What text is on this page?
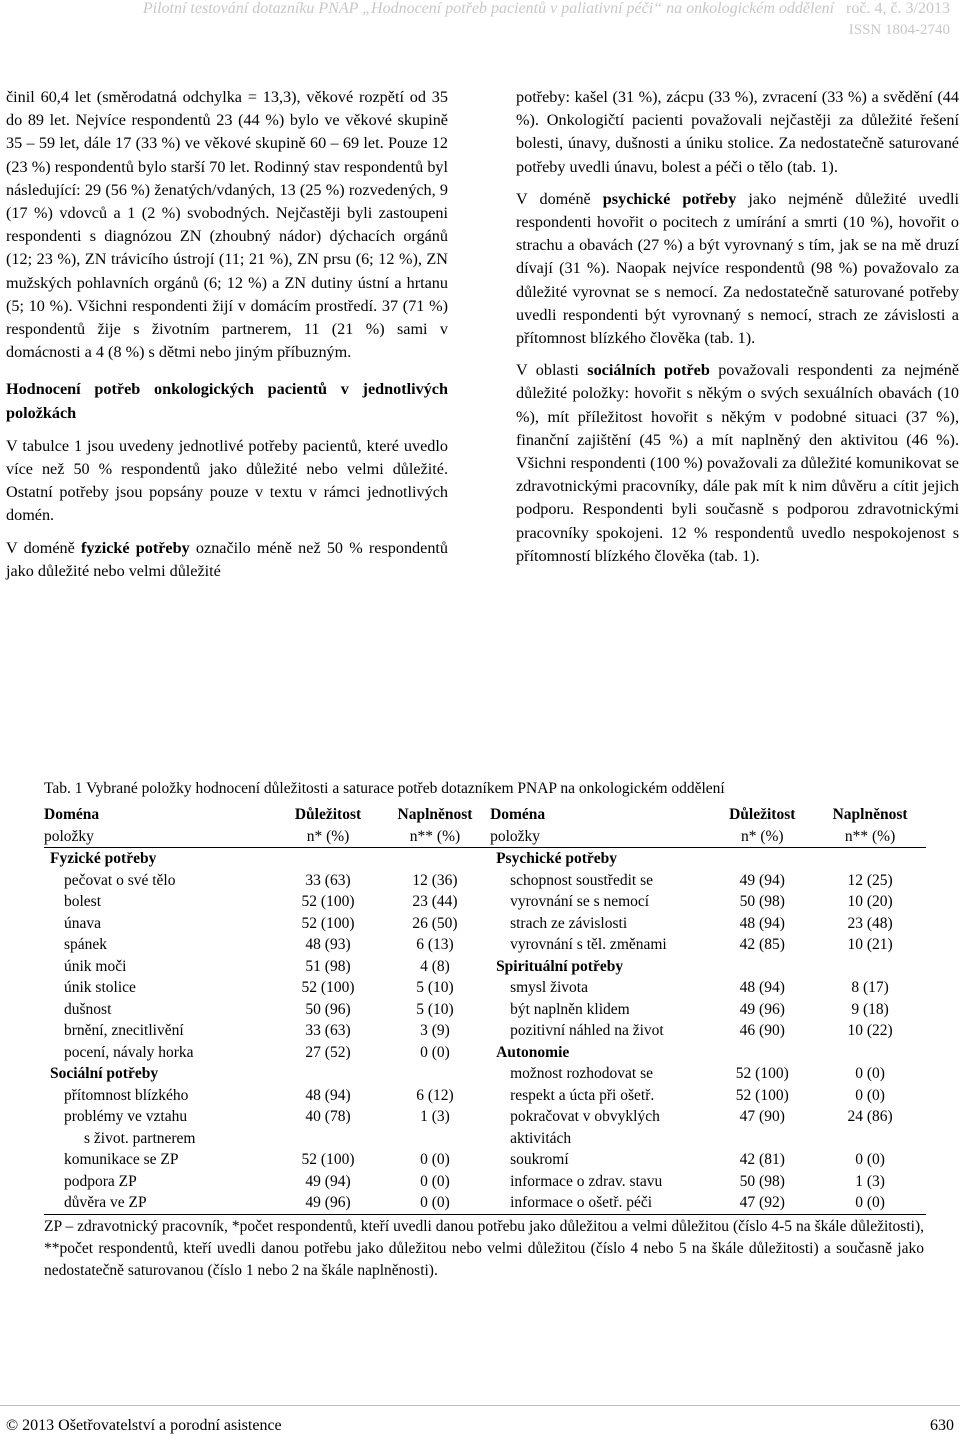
Pilotní testování dotazníku PNAP „Hodnocení potřeb pacientů v paliativní péči“ na onkologickém oddělení roč. 4, č. 3/2013
ISSN 1804-2740

činil 60,4 let (směrodatná odchylka = 13,3), věkové rozpětí od 35 do 89 let. Nejvíce respondentů 23 (44 %) bylo ve věkové skupině 35 – 59 let, dále 17 (33 %) ve věkové skupině 60 – 69 let. Pouze 12 (23 %) respondentů bylo starší 70 let. Rodinný stav respondentů byl následující: 29 (56 %) ženatých/vdaných, 13 (25 %) rozvedených, 9 (17 %) vdovců a 1 (2 %) svobodných. Nejčastěji byli zastoupeni respondenti s diagnózou ZN (zhoubný nádor) dýchacích orgánů (12; 23 %), ZN trávicího ústrojí (11; 21 %), ZN prsu (6; 12 %), ZN mužských pohlavních orgánů (6; 12 %) a ZN dutiny ústní a hrtanu (5; 10 %). Všichni respondenti žijí v domácím prostředí. 37 (71 %) respondentů žije s životním partnerem, 11 (21 %) sami v domácnosti a 4 (8 %) s dětmi nebo jiným příbuzným.

Hodnocení potřeb onkologických pacientů v jednotlivých položkách

V tabulce 1 jsou uvedeny jednotlivé potřeby pacientů, které uvedlo více než 50 % respondentů jako důležité nebo velmi důležité. Ostatní potřeby jsou popsány pouze v textu v rámci jednotlivých domén.

V doméně fyzické potřeby označilo méně než 50 % respondentů jako důležité nebo velmi důležité

potřeby: kašel (31 %), zácpu (33 %), zvracení (33 %) a svědění (44 %). Onkologičtí pacienti považovali nejčastěji za důležité řešení bolesti, únavy, dušnosti a úniku stolice. Za nedostatečně saturované potřeby uvedli únavu, bolest a péči o tělo (tab. 1).

V doméně psychické potřeby jako nejméně důležité uvedli respondenti hovořit o pocitech z umírání a smrti (10 %), hovořit o strachu a obavách (27 %) a být vyrovnaný s tím, jak se na mě druzí dívají (31 %). Naopak nejvíce respondentů (98 %) považovalo za důležité vyrovnat se s nemocí. Za nedostatečně saturované potřeby uvedli respondenti být vyrovnaný s nemocí, strach ze závislosti a přítomnost blízkého člověka (tab. 1).

V oblasti sociálních potřeb považovali respondenti za nejméně důležité položky: hovořit s někým o svých sexuálních obavách (10 %), mít příležitost hovořit s někým v podobné situaci (37 %), finanční zajištění (45 %) a mít naplněný den aktivitou (46 %). Všichni respondenti (100 %) považovali za důležité komunikovat se zdravotnickými pracovníky, dále pak mít k nim důvěru a cítit jejich podporu. Respondenti byli současně s podporou zdravotnickými pracovníky spokojeni. 12 % respondentů uvedlo nespokojenost s přítomností blízkého člověka (tab. 1).

Tab. 1 Vybrané položky hodnocení důležitosti a saturace potřeb dotazníkem PNAP na onkologickém oddělení
Doména	Důležitost	Naplněnost	Doména	Důležitost	Naplněnost
položky	n* (%)	n** (%)	položky	n* (%)	n** (%)
Fyzické potřeby			Psychické potřeby		
pečovat o své tělo	33 (63)	12 (36)	schopnost soustředit se	49 (94)	12 (25)
bolest	52 (100)	23 (44)	vyrovnání se s nemocí	50 (98)	10 (20)
únava	52 (100)	26 (50)	strach ze závislosti	48 (94)	23 (48)
spánek	48 (93)	6 (13)	vyrovnání s těl. změnami	42 (85)	10 (21)
únik moči	51 (98)	4 (8)	Spirituální potřeby		
únik stolice	52 (100)	5 (10)	smysl života	48 (94)	8 (17)
dušnost	50 (96)	5 (10)	být naplněn klidem	49 (96)	9 (18)
brnění, znecitlivění	33 (63)	3 (9)	pozitivní náhled na život	46 (90)	10 (22)
pocení, návaly horka	27 (52)	0 (0)	Autonomie		
Sociální potřeby			možnost rozhodovat se	52 (100)	0 (0)
přítomnost blízkého	48 (94)	6 (12)	respekt a úcta při ošetř.	52 (100)	0 (0)
problémy ve vztahu	40 (78)	1 (3)	pokračovat v obvyklých	47 (90)	24 (86)
s život. partnerem			aktivitách		
komunikace se ZP	52 (100)	0 (0)	soukromí	42 (81)	0 (0)
podpora ZP	49 (94)	0 (0)	informace o zdrav. stavu	50 (98)	1 (3)
důvěra ve ZP	49 (96)	0 (0)	informace o ošetř. péči	47 (92)	0 (0)
ZP – zdravotnický pracovník, *počet respondentů, kteří uvedli danou potřebu jako důležitou a velmi důležitou (číslo 4-5 na škále důležitosti), **počet respondentů, kteří uvedli danou potřebu jako důležitou nebo velmi důležitou (číslo 4 nebo 5 na škále důležitosti) a současně jako nedostatečně saturovanou (číslo 1 nebo 2 na škále naplněnosti).
© 2013 Ošetřovatelství a porodní asistence	630
